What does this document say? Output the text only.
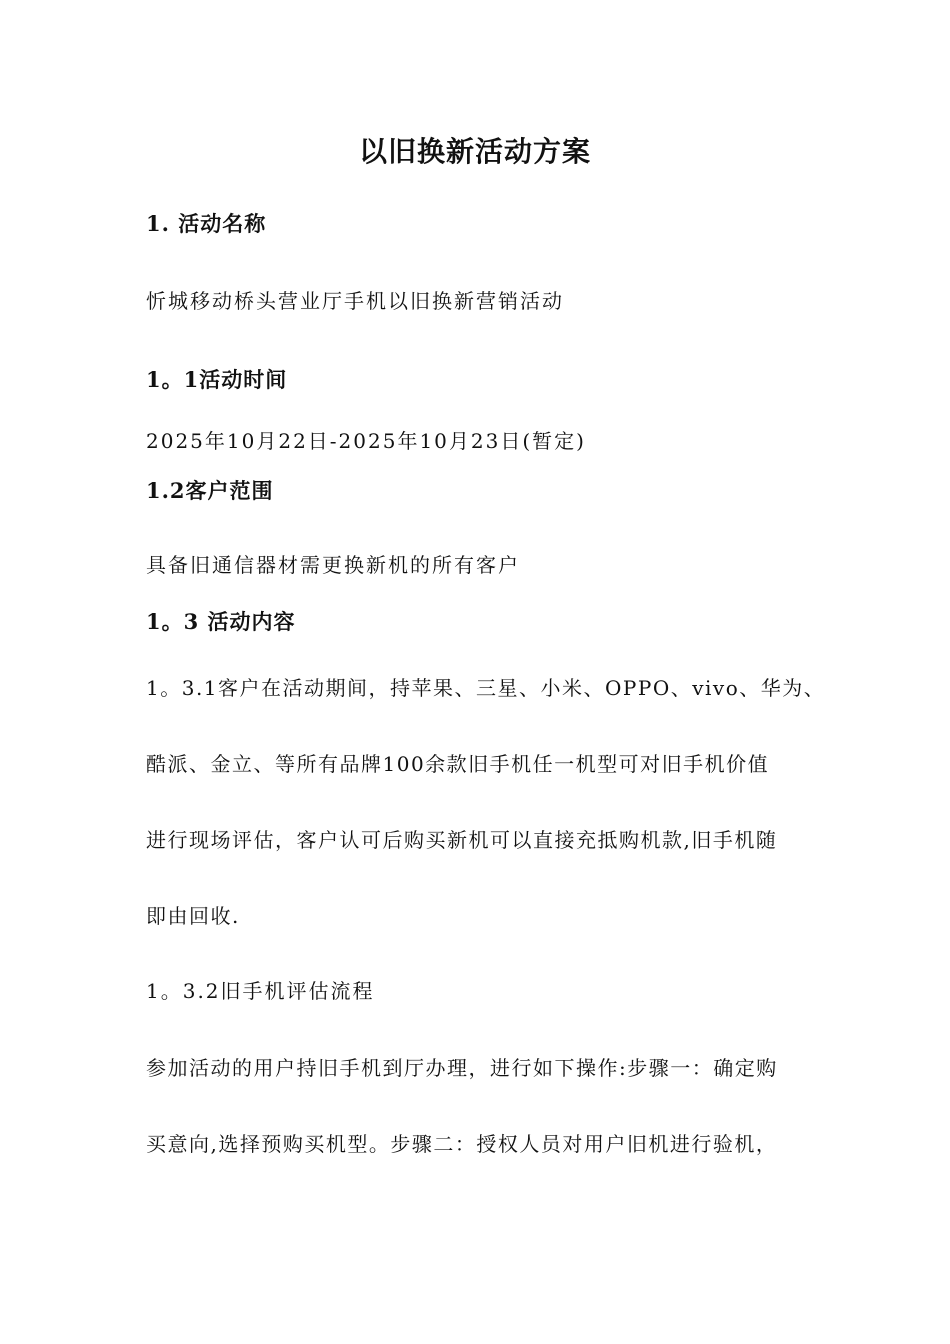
以旧换新活动方案
1. 活动名称
忻城移动桥头营业厅手机以旧换新营销活动
1。1活动时间
2025年10月22日-2025年10月23日(暂定)
1.2客户范围
具备旧通信器材需更换新机的所有客户
1。3 活动内容
1。3.1客户在活动期间，持苹果、三星、小米、OPPO、vivo、华为、
酷派、金立、等所有品牌100余款旧手机任一机型可对旧手机价值
进行现场评估，客户认可后购买新机可以直接充抵购机款,旧手机随
即由回收.
1。3.2旧手机评估流程
参加活动的用户持旧手机到厅办理，进行如下操作:步骤一：确定购
买意向,选择预购买机型。步骤二：授权人员对用户旧机进行验机，
